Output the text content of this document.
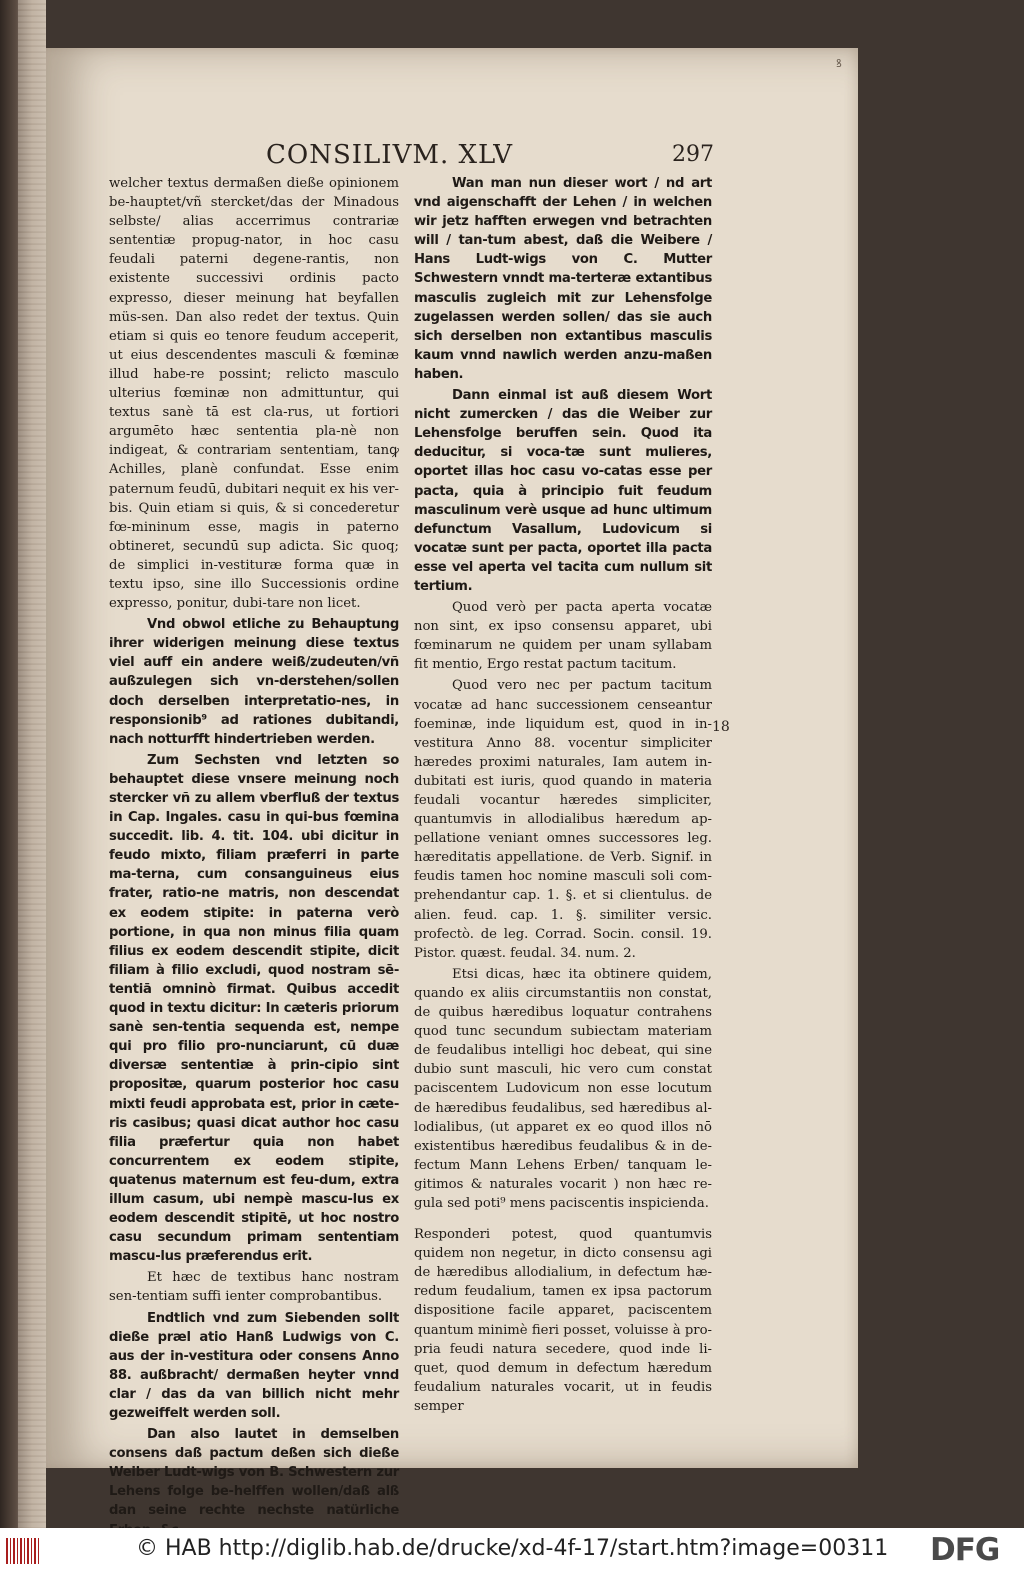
ꝸ
CONSILIVM. XLV	297

welcher textus dermaßen dieße opinionem be-hauptet/vñ stercket/das der Minadous selbste/ alias accerrimus contrariæ sententiæ propug-nator, in hoc casu feudali paterni degene-rantis, non existente successivi ordinis pacto expresso, dieser meinung hat beyfallen müs-sen. Dan also redet der textus. Quin etiam si quis eo tenore feudum acceperit, ut eius descendentes masculi & fœminæ illud habe-re possint; relicto masculo ulterius fœminæ non admittuntur, qui textus sanè tā est cla-rus, ut fortiori argumēto hæc sententia pla-nè non indigeat, & contrariam sententiam, tanꝙ Achilles, planè confundat. Esse enim paternum feudū, dubitari nequit ex his ver-bis. Quin etiam si quis, & si concederetur fœ-mininum esse, magis in paterno obtineret, secundū sup adicta. Sic quoq; de simplici in-vestituræ forma quæ in textu ipso, sine illo Successionis ordine expresso, ponitur, dubi-tare non licet.

Vnd obwol etliche zu Behauptung ihrer widerigen meinung diese textus viel auff ein andere weiß/zudeuten/vñ außzulegen sich vn-derstehen/sollen doch derselben interpretatio-nes, in responsionib⁹ ad rationes dubitandi, nach notturfft hindertrieben werden.

Zum Sechsten vnd letzten so behauptet diese vnsere meinung noch stercker vñ zu allem vberfluß der textus in Cap. Ingales. casu in qui-bus fœmina succedit. lib. 4. tit. 104. ubi dicitur in feudo mixto, filiam præferri in parte ma-terna, cum consanguineus eius frater, ratio-ne matris, non descendat ex eodem stipite: in paterna verò portione, in qua non minus filia quam filius ex eodem descendit stipite, dicit filiam à filio excludi, quod nostram sē-tentiā omninò firmat. Quibus accedit quod in textu dicitur: In cæteris priorum sanè sen-tentia sequenda est, nempe qui pro filio pro-nunciarunt, cū duæ diversæ sententiæ à prin-cipio sint propositæ, quarum posterior hoc casu mixti feudi approbata est, prior in cæte-ris casibus; quasi dicat author hoc casu filia præfertur quia non habet concurrentem ex eodem stipite, quatenus maternum est feu-dum, extra illum casum, ubi nempè mascu-lus ex eodem descendit stipitē, ut hoc nostro casu secundum primam sententiam mascu-lus præferendus erit.

Et hæc de textibus hanc nostram sen-tentiam suffi ienter comprobantibus.

Endtlich vnd zum Siebenden sollt dieße præl atio Hanß Ludwigs von C. aus der in-vestitura oder consens Anno 88. außbracht/ dermaßen heyter vnnd clar / das da van billich nicht mehr gezweiffelt werden soll.

Dan also lautet in demselben consens daß pactum deßen sich dieße Weiber Ludt-wigs von B. Schwestern zur Lehens folge be-helffen wollen/daß alß dan seine rechte nechste natürliche

Wan man nun dieser wort / nd art vnd aigenschafft der Lehen / in welchen wir jetz hafften erwegen vnd betrachten will / tan-tum abest, daß die Weibere / Hans Ludt-wigs von C. Mutter Schwestern vnndt ma-terteræ extantibus masculis zugleich mit zur Lehensfolge zugelassen werden sollen/ das sie auch sich derselben non extantibus masculis kaum vnnd nawlich werden anzu-maßen haben.

Dann einmal ist auß diesem Wort nicht zumercken / das die Weiber zur Lehensfolge beruffen sein. Quod ita deducitur, si voca-tæ sunt mulieres, oportet illas hoc casu vo-catas esse per pacta, quia à principio fuit feudum masculinum verè usque ad hunc ultimum defunctum Vasallum, Ludovicum si vocatæ sunt per pacta, oportet illa pacta esse vel aperta vel tacita cum nullum sit tertium.

Quod verò per pacta aperta vocatæ non sint, ex ipso consensu apparet, ubi fœminarum ne quidem per unam syllabam fit mentio, Ergo restat pactum tacitum.

Quod vero nec per pactum tacitum vocatæ ad hanc successionem censeantur foeminæ, inde liquidum est, quod in in-vestitura Anno 88. vocentur simpliciter hæredes proximi naturales, Iam autem in-dubitati est iuris, quod quando in materia feudali vocantur hæredes simpliciter, quantumvis in allodialibus hæredum ap-pellatione veniant omnes successores leg. hæreditatis appellatione. de Verb. Signif. in feudis tamen hoc nomine masculi soli com-prehendantur cap. 1. §. et si clientulus. de alien. feud. cap. 1. §. similiter versic. profectò. de leg. Corrad. Socin. consil. 19. Pistor. quæst. feudal. 34. num. 2.

Etsi dicas, hæc ita obtinere quidem, quando ex aliis circumstantiis non constat, de quibus hæredibus loquatur contrahens quod tunc secundum subiectam materiam de feudalibus intelligi hoc debeat, qui sine dubio sunt masculi, hic vero cum constat paciscentem Ludovicum non esse locutum de hæredibus feudalibus, sed hæredibus al-lodialibus, (ut apparet ex eo quod illos nō existentibus hæredibus feudalibus & in de-fectum Mann Lehens Erben/ tanquam le-gitimos & naturales vocarit ) non hæc re-gula sed poti⁹ mens paciscentis inspicienda.

Responderi potest, quod quantumvis quidem non negetur, in dicto consensu agi de hæredibus allodialium, in defectum hæ-redum feudalium, tamen ex ipsa pactorum dispositione facile apparet, paciscentem quantum minimè fieri posset, voluisse à pro-pria feudi natura secedere, quod inde li-quet, quod demum in defectum hæredum feudalium naturales vocarit, ut in feudis semper

18
© HAB http://diglib.hab.de/drucke/xd-4f-17/start.htm?image=00311 DFG
